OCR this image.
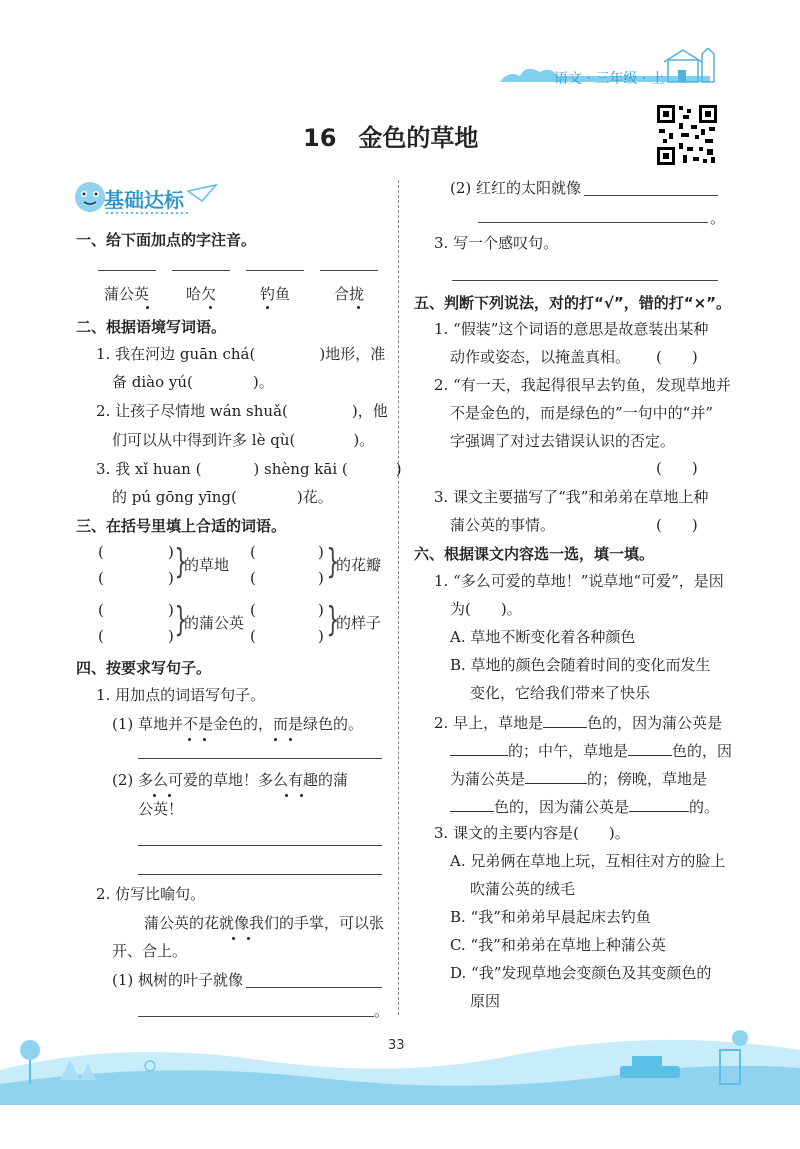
语文 · 三年级 · 上
16 金色的草地
基础达标
一、给下面加点的字注音。
蒲公英 哈欠	钓鱼	合拢
二、根据语境写词语。
1. 我在河边 guān chá(	)地形，准
备 diào yú(	)。
2. 让孩子尽情地 wán shuǎ(	)，他
们可以从中得到许多 lè qù(	)。
3. 我 xǐ huan (	) shèng kāi (	)
的 pú gōng yīng(	)花。
三、在括号里填上合适的词语。
(	)
(	) }
的草地
(	)
(	) }
的花瓣
(	)
(	) }
的蒲公英
(	)
(	) }
的样子
四、按要求写句子。
1. 用加点的词语写句子。
(1) 草地并不是金色的，而是绿色的。
(2) 多么可爱的草地！多么有趣的蒲
公英！
2. 仿写比喻句。
蒲公英的花就像我们的手掌，可以张
开、合上。
(1) 枫树的叶子就像
。
(2) 红红的太阳就像
。
3. 写一个感叹句。
五、判断下列说法，对的打“√”，错的打“×”。
1. “假装”这个词语的意思是故意装出某种
动作或姿态，以掩盖真相。 (　　)
2. “有一天，我起得很早去钓鱼，发现草地并
不是金色的，而是绿色的”一句中的“并”
字强调了对过去错误认识的否定。
(　　)
3. 课文主要描写了“我”和弟弟在草地上种
蒲公英的事情。	(　　)
六、根据课文内容选一选，填一填。
1. “多么可爱的草地！”说草地“可爱”，是因
为(　　)。
A. 草地不断变化着各种颜色
B. 草地的颜色会随着时间的变化而发生
变化，它给我们带来了快乐
2. 早上，草地是	色的，因为蒲公英是
的；中午，草地是	色的，因
为蒲公英是	的；傍晚，草地是
色的，因为蒲公英是	的。
3. 课文的主要内容是(　　)。
A. 兄弟俩在草地上玩，互相往对方的脸上
吹蒲公英的绒毛
B. “我”和弟弟早晨起床去钓鱼
C. “我”和弟弟在草地上种蒲公英
D. “我”发现草地会变颜色及其变颜色的
原因
33
